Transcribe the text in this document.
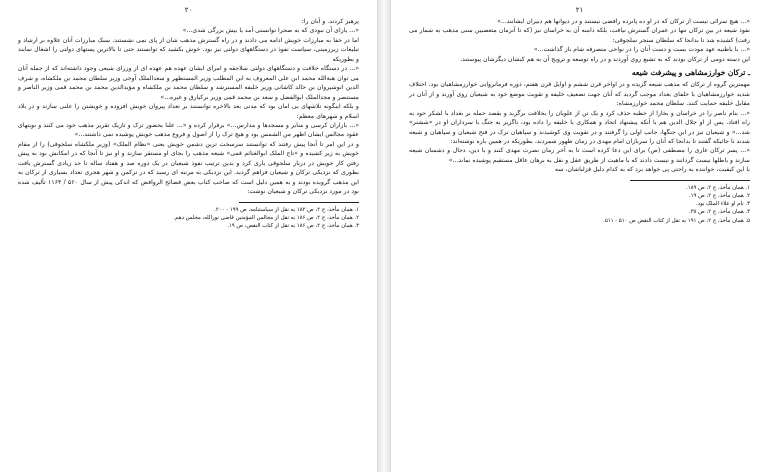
٢٠

پرهیز کردند. و آنان را:

«... یارای آن نبودی که به صحرا توانستی آمد یا بیش بزرگی شدی...»

اما در خفا به مبارزات خویش ادامه می دادند و در راه گسترش مذهب شان از پای نمی نشستند. سبک مبارزات آنان علاوه بر ارشاد و تبلیغات زیرزمینی، سیاست نفوذ در دستگاههای دولتی نیز بود. خوش بکشید که توانستند حتی تا بالاترین پستهای دولتی را اشغال نمایند و بطوریکه

«... در دستگاه خلافت و دستگاههای دولتی سلاجقه و امرای ایشان عهده هم عهده ای از وزرای شیعی وجود داشته‌اند که از جمله آنان می توان هبةالله محمد ابن علی المعروف به ابن المطلب وزیر المستظهر و سعدالملک آوجی وزیر سلطان محمد بن ملکشاه، و شرف الدین انوشیروان بن خالد کاشانی وزیر خلیفه المسترشد و سلطان محمد بن ملکشاه و مؤیدالدین محمد بن محمد قمی وزیر الناصر و مستنصر و مجدالملک ابوالفضل و سعد بن محمد قمی وزیر برکیارق و غیره...»

و بلکه اینگونه تلاشهای بی امان بود که مدتی بعد بالاخره توانستند بر تعداد پیروان خویش افزوده و خویشتن را علنی سازند و در بلاد اسلام و شهرهای معظم:

«... بازاران کرسی و منابر و مسجدها و مدارس...» برقرار کرده و «... علنا بحضور ترک و تازیک تقریر مذهب خود می کنند و نوبتهای عقود مجالس ایشان اظهر من الشمس بود و هیچ ترک را از اصول و فروع مذهب خویش پوشیده نمی داشتند...»

و در این امر تا آنجا پیش رفتند که توانستند سرسخت ترین دشمن خویش یعنی «نظام الملک» (وزیر ملکشاه سلجوقی) را از مقام خویش به زیر کشیده و «تاج الملک ابوالغنائم قمی» شیعه مذهب را بجای او مستقر سازند و او نیز تا آنجا که در امکانش بود به پیش رفتن کار خویش در دربار سلجوقی یاری کرد و بدین ترتیب نفوذ شیعیان در یک دوره صد و هفتاد ساله تا حد زیادی گسترش یافت بطوری که نزدیکی ترکان و شیعیان فراهم گردید. این نزدیکی به مرتبه ای رسید که در ترکمن و شهر هجری تعداد بسیاری از ترکان به این مذهب گرویده بودند و به همین دلیل است که صاحب کتاب بعض فضائح الروافض که اندکی پیش از سال ۵۶۰ / ۱۱۶۴ تألیف شده بود در مورد نزدیکی ترکان و شیعیان نوشت:

۱. همان مأخذ، ج ۲، ص ۱۸۲ به نقل از سیاستنامه، ص ۱۹۹ - ۲۰۰.

۲. همان مأخذ، ج ۲، ص ۱۸۶ به نقل از مجالس المؤمنین قاضی نورالله، مجلس دهم.

۳. همان مأخذ، ج ۲، ص ۱۸۶ به نقل از کتاب النقض، ص ۱۹.

٢١

«... هیچ سرائی نیست از ترکان که در او ده پانزده رافضی نیستند و در دیوانها هم دبیران ایشانند...»

نفوذ شیعه در بین ترکان تنها در عمران گسترش نیافت، بلکه دامنه آن به خراسان نیز (که تا آنزمان متعصبین سنی مذهب به شمار می رفت) کشیده شد تا بدانجا که سلطان سنجر سلجوقی:

«... با باطنیه عهد مودت بست و دست آنان را در نواحی متصرفه شام باز گذاشت...»

این دسته دومی از ترکان بودند که به تشیع روی آوردند و در راه توسعه و ترویج آن به هم کیشان دیگرشان پیوستند.

ـ ترکان خوارزمشاهی و پیشرفت شیعه

مهمترین گروه از ترکان که مذهب شیعه گزیده و در اواخر قرن ششم و اوایل قرن هفتم، دوره فرمانروایی خوارزمشاهیان بود. اختلاف شدید خوارزمشاهیان با خلفای بغداد موجب گردید که آنان جهت تضعیف خلیفه و تقویت موضع خود به شیعیان روی آورند و از آنان در مقابل خلیفه حمایت کنند. سلطان محمد خوارزمشاه:

«... بنام ناصر را در خراسان و بخارا از خطبه حذف کرد و یک تن از علویان را بخلافت برگزید و بقصد حمله بر بغداد با لشکر خود به راه افتاد. پس از او جلال الدین هم با آنکه پیشنهاد اتحاد و همکاری با خلیفه را داده بود، ناگزیر به جنگ با سرداران او در «ششتر» شد...» و شیعیان نیز در این جنگها، جانب اولی را گرفتند و در تقویت وی کوشیدند و سپاهیان ترک در فتح شیعیان و سپاهیان و شیعه شدند تا جائیکه گفتند تا بدانجا که آنان را سربازان امام مهدی در زمان ظهور شمردند، بطوریکه در همین باره نوشته‌اند:

«... پسر ترکان غازی را مصطفی (ص) برای این دعا کرده است تا به آخر زمان نصرت مهدی کنند و با دین، دجال و دشمنان شیعه سازند و باطلها نیست گردانند و نیست دادند که با ماهیت از طریق عقل و نقل به برهان عاقل مستقیم پوشیده نماند...»

با این کیفیت، خواننده به راحتی پی خواهد برد که به کدام دلیل قزلباشان، سه

۱. همان مأخذ، ج ۲، ص ۱۸۹.

۲. همان مأخذ، ج ۲، ص ۱۹.

۳. نام او علاء الملک بود.

۴. همان مأخذ، ج ۲، ص ۳۸.

۵. همان مأخذ، ج ۲، ص ۱۹۱ به نقل از کتاب النقض ص ۵۱۰ - ۵۱۱.
